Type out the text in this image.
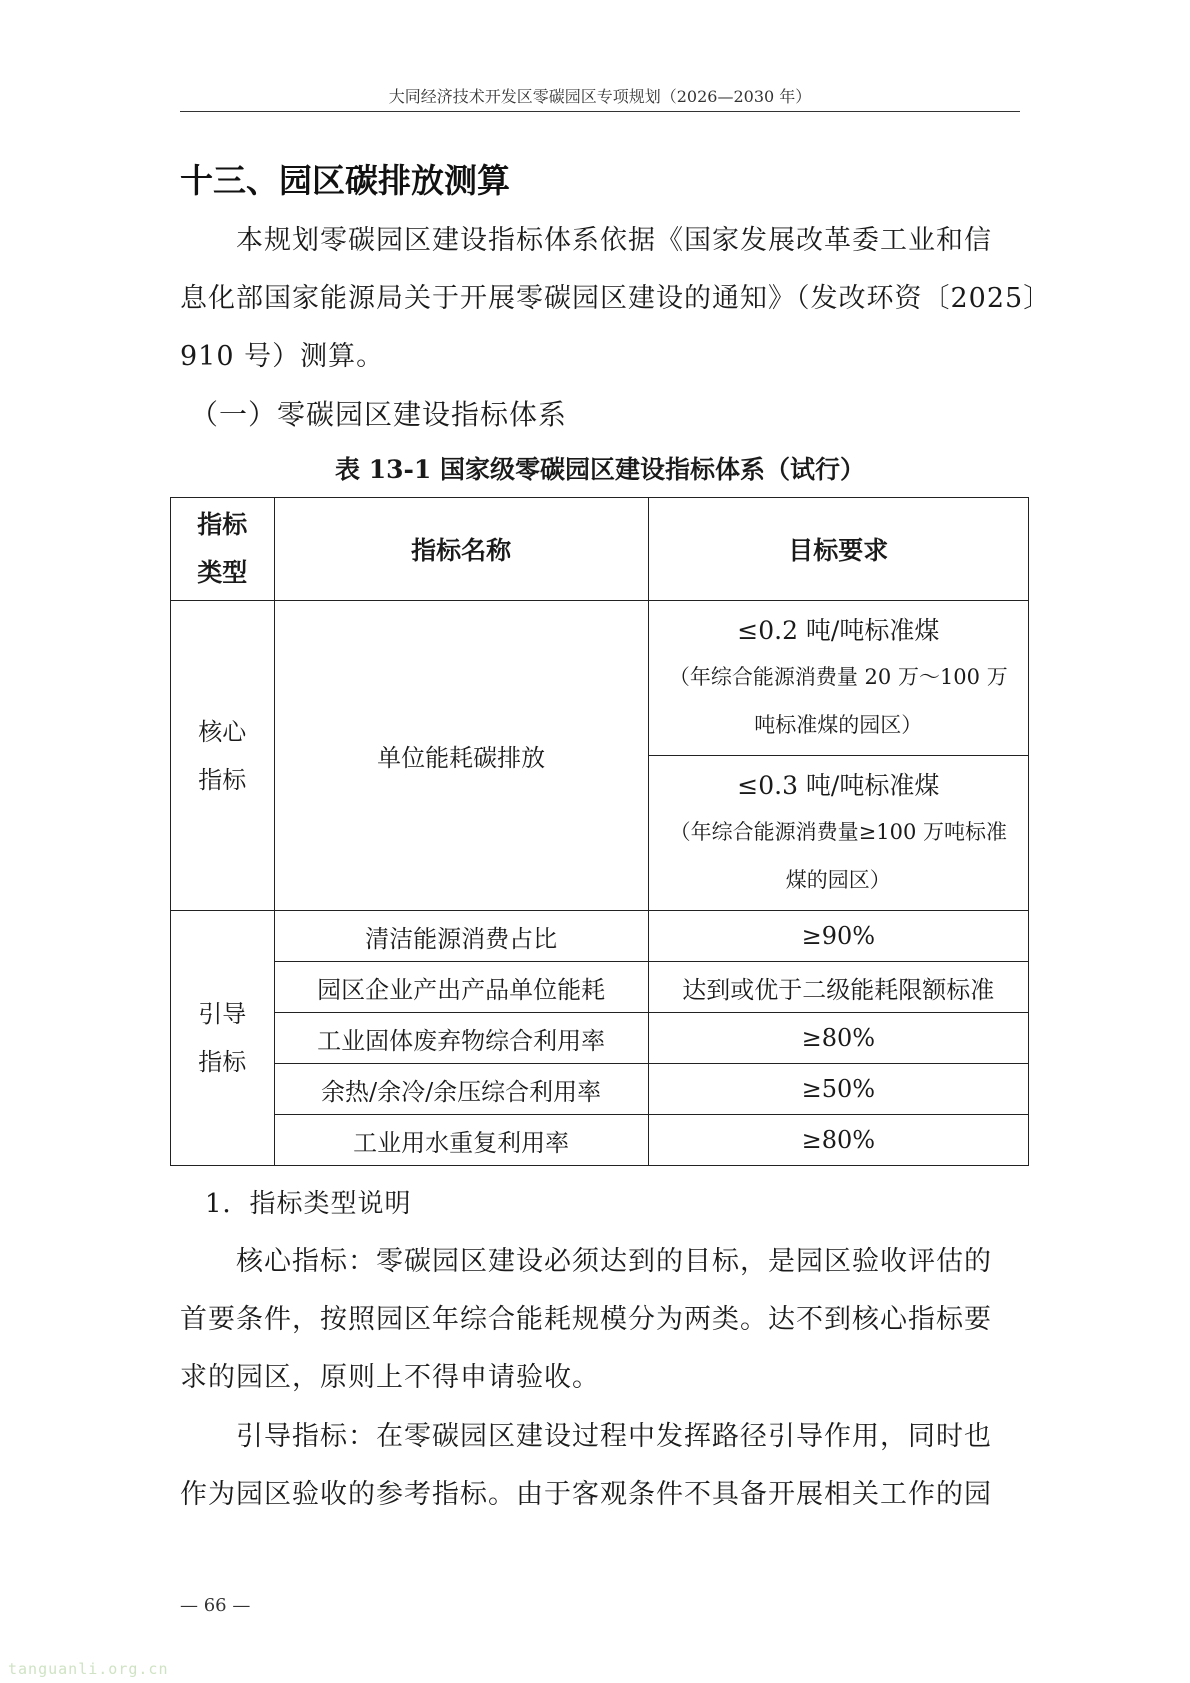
大同经济技术开发区零碳园区专项规划（2026—2030 年）
十三、园区碳排放测算
本规划零碳园区建设指标体系依据《国家发展改革委工业和信
息化部国家能源局关于开展零碳园区建设的通知》（发改环资〔2025〕
910 号）测算。
（一）零碳园区建设指标体系
表 13-1 国家级零碳园区建设指标体系（试行）
指标
类型	指标名称	目标要求

核心
指标	单位能耗碳排放	≤0.2 吨/吨标准煤
（年综合能源消费量 20 万～100 万吨标准煤的园区）

		≤0.3 吨/吨标准煤
（年综合能源消费量≥100 万吨标准煤的园区）

引导
指标	清洁能源消费占比	≥90%
	园区企业产出产品单位能耗	达到或优于二级能耗限额标准
	工业固体废弃物综合利用率	≥80%
	余热/余冷/余压综合利用率	≥50%
	工业用水重复利用率	≥80%
1．指标类型说明
核心指标：零碳园区建设必须达到的目标，是园区验收评估的
首要条件，按照园区年综合能耗规模分为两类。达不到核心指标要
求的园区，原则上不得申请验收。
引导指标：在零碳园区建设过程中发挥路径引导作用，同时也
作为园区验收的参考指标。由于客观条件不具备开展相关工作的园
— 66 —
tanguanli.org.cn
